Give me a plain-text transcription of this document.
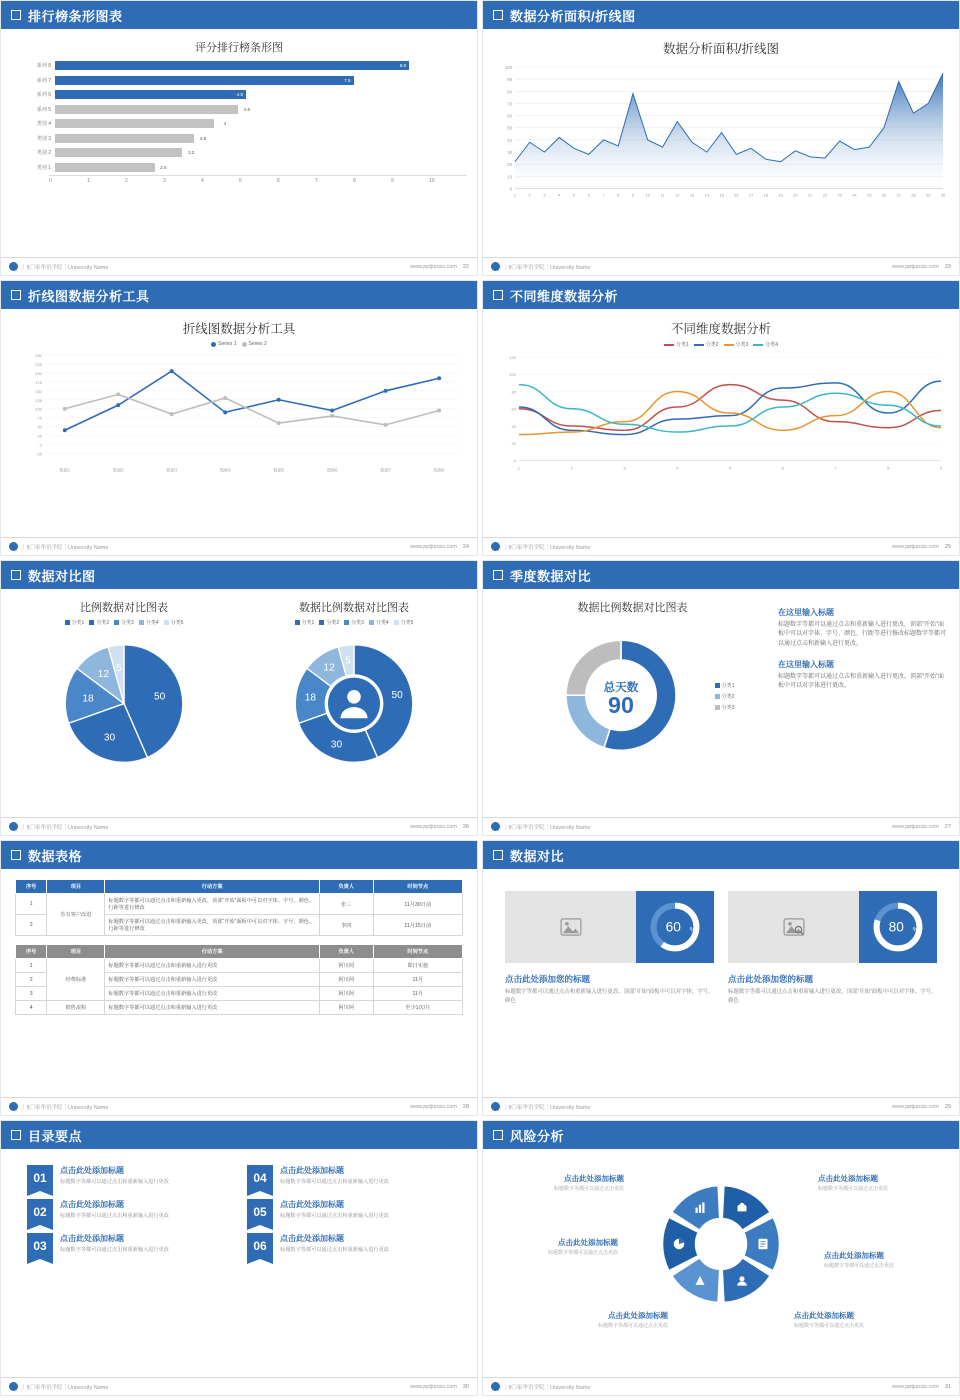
排行榜条形图表
评分排行榜条形图
系列 8	8.9
系列 7	7.5
系列 6	4.8
系列 5	4.6
类别 4	4
类别 3	3.5
类别 2	3.2
类别 1	2.5
0	1	2	3	4	5	6	7	8	9	10
｜§〇家华语学院｜University Name	www.pptjunsis.com 22
数据分析面积/折线图
数据分析面积/折线图
0
10
20
30
40
50
60
70
80
90
100
1	2	3	4	5	6	7	8	9	10	11	12	13	14	15	16	17	18	19	20	21	22	23	24	25	26	27	28	29	30
｜§〇家华语学院｜University Name	www.pptjunsis.com 23
折线图数据分析工具
折线图数据分析工具
Series 1 Series 2
-25
0
25
50
75
100
125
150
175
200
225
250
数据1	数据2	数据3	数据4	数据5	数据6	数据7	数据8
｜§〇家华语学院｜University Name	www.pptjunsis.com 24
不同维度数据分析
不同维度数据分析
分类1	分类2	分类3	分类4
0
20
40
60
80
100
120
1	2	3	4	5	6	7	8	9
｜§〇家华语学院｜University Name	www.pptjunsis.com 25
数据对比图
比例数据对比图表
分类1 分类2 分类3 分类4 分类5
50
30
18
12
5
数据比例数据对比图表
分类1 分类2 分类3 分类4 分类5
50
30
18
12
5
｜§〇家华语学院｜University Name	www.pptjunsis.com 26
季度数据对比
数据比例数据对比图表
总天数
90
分类1
分类2
分类3
在这里输入标题
标题数字等都可以通过点击和重新输入进行更改，顶部“开始”面板中可以对字体、字号、颜色、行距等进行修改标题数字等都可以通过点击和新输入进行更改。
在这里输入标题
标题数字等都可以通过点击和重新输入进行更改，顶部“开始”面板中可以对字体进行更改。
｜§〇家华语学院｜University Name	www.pptjunsis.com 27
数据表格
序号	项目	行动方案	负责人	时间节点
1	苏有客户改进	标题数字等都可以通过点击和重新输入更改，顶部“开始”面板中可以对字体、字号、颜色、行距等进行修改	张三	11月30日前
2		标题数字等都可以通过点击和重新输入更改，顶部“开始”面板中可以对字体、字号、颜色、行距等进行修改	李四	11月15日前
序号	项目	行动方案	负责人	时间节点
1	经费标准	标题数字等都可以通过点击和重新输入进行更改	阿川阿	即日实施
2		标题数字等都可以通过点击和重新输入进行更改	阿川阿	11月
3		标题数字等都可以通过点击和重新输入进行更改	阿川阿	11月
4	销售流程	标题数字等都可以通过点击和重新输入进行更改	阿川阿	至少1次/月
｜§〇家华语学院｜University Name	www.pptjunsis.com 28
数据对比
60 %
点击此处添加您的标题
标题数字等都可以通过点击和重新输入进行更改，顶部“开始”面板中可以对字体、字号、颜色
80 %
点击此处添加您的标题
标题数字等都可以通过点击和重新输入进行更改，顶部“开始”面板中可以对字体、字号、颜色
｜§〇家华语学院｜University Name	www.pptjunsis.com 29
目录要点
01
点击此处添加标题

标题数字等都可以通过点击和重新输入进行更改	04
点击此处添加标题

标题数字等都可以通过点击和重新输入进行更改

02
点击此处添加标题

标题数字等都可以通过点击和重新输入进行更改	05
点击此处添加标题

标题数字等都可以通过点击和重新输入进行更改

03
点击此处添加标题

标题数字等都可以通过点击和重新输入进行更改	06
点击此处添加标题

标题数字等都可以通过点击和重新输入进行更改

｜§〇家华语学院｜University Name	www.pptjunsis.com 30
风险分析
点击此处添加标题

标题数字等都可以通过点击更改

点击此处添加标题

标题数字等都可以通过点击更改

点击此处添加标题

标题数字等都可以通过点击更改	点击此处添加标题

标题数字等都可以通过点击更改

点击此处添加标题

标题数字等都可以通过点击更改

点击此处添加标题

标题数字等都可以通过点击更改

｜§〇家华语学院｜University Name	www.pptjunsis.com 31
